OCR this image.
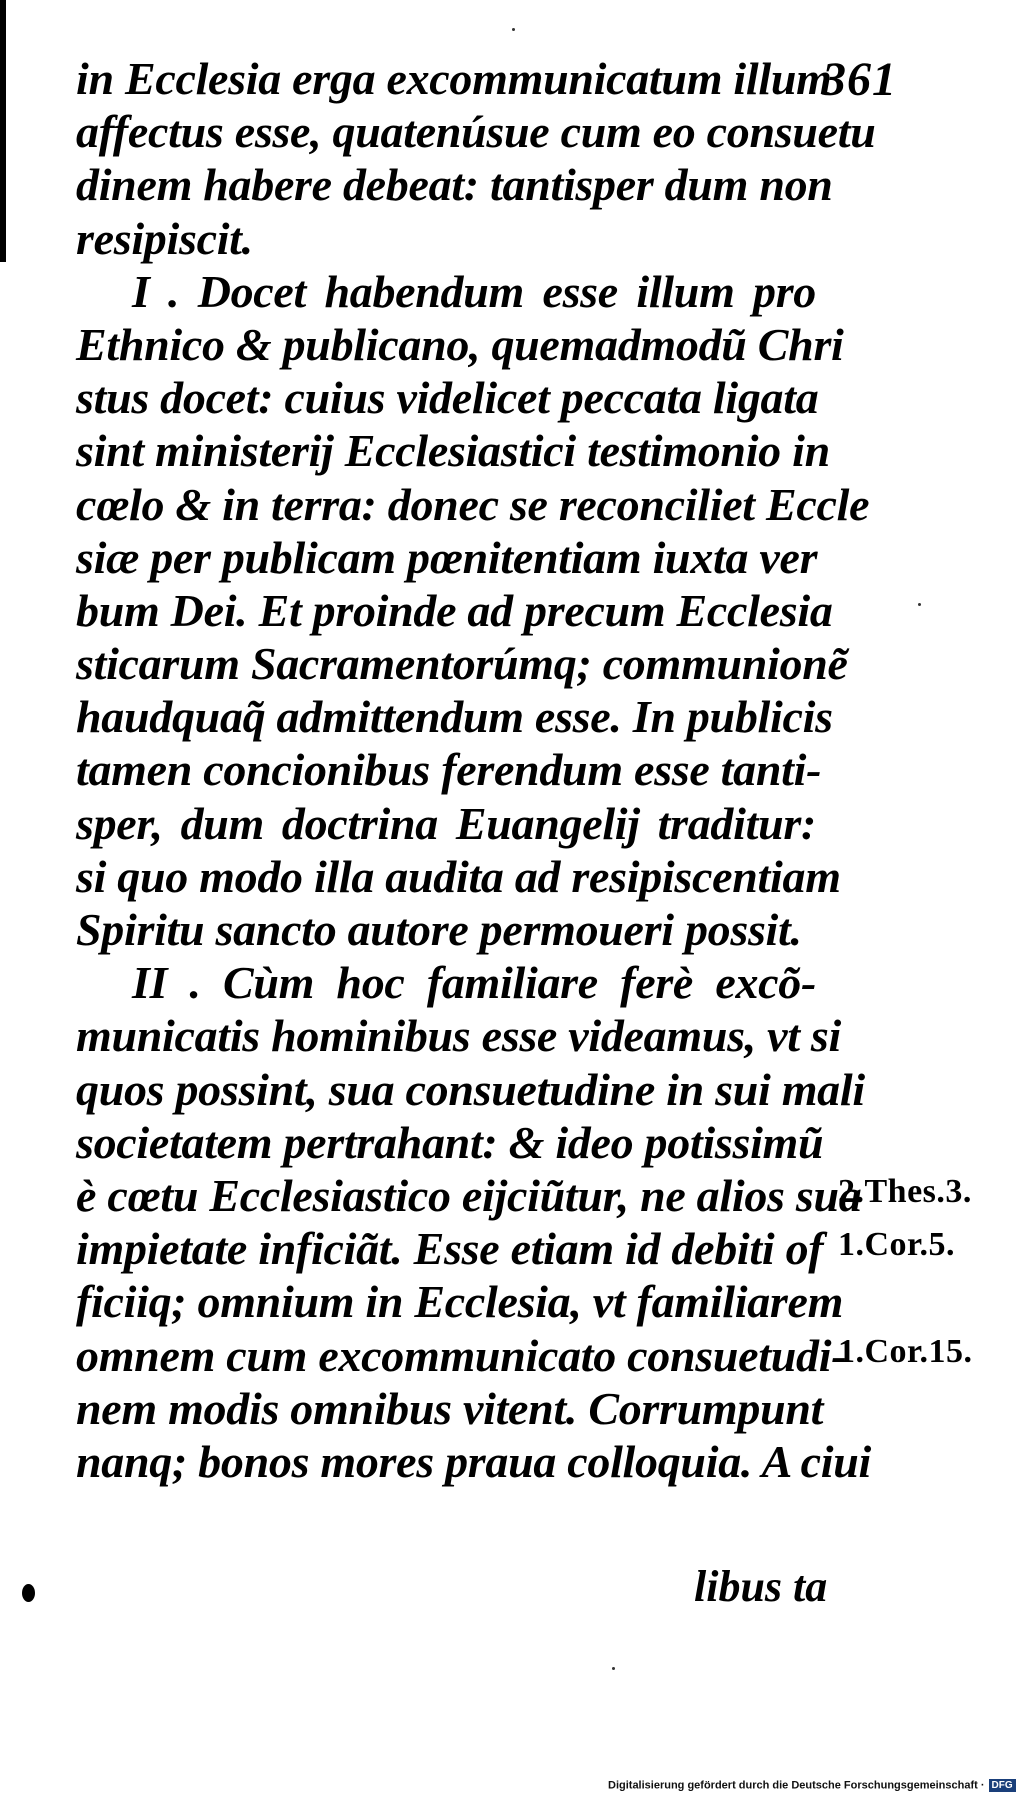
361
in Ecclesia erga excommunicatum illum
affectus esse, quatenúsue cum eo consuetu
dinem habere debeat: tantisper dum non
resipiscit.
I . Docet habendum esse illum pro
Ethnico & publicano, quemadmodũ Chri
stus docet: cuius videlicet peccata ligata
sint ministerij Ecclesiastici testimonio in
cœlo & in terra: donec se reconciliet Eccle
siæ per publicam pœnitentiam iuxta ver
bum Dei. Et proinde ad precum Ecclesia
sticarum Sacramentorúmq; communionẽ
haudquaq̃ admittendum esse. In publicis
tamen concionibus ferendum esse tanti-
sper, dum doctrina Euangelij traditur:
si quo modo illa audita ad resipiscentiam
Spiritu sancto autore permoueri possit.
II . Cùm hoc familiare ferè excõ-
municatis hominibus esse videamus, vt si
quos possint, sua consuetudine in sui mali
societatem pertrahant: & ideo potissimũ
è cœtu Ecclesiastico eijciũtur, ne alios sua
impietate inficiãt. Esse etiam id debiti of
ficiiq; omnium in Ecclesia, vt familiarem
omnem cum excommunicato consuetudi-
nem modis omnibus vitent. Corrumpunt
nanq; bonos mores praua colloquia. A ciui
2.Thes.3.
1.Cor.5.
1.Cor.15.
libus ta
Digitalisierung gefördert durch die Deutsche Forschungsgemeinschaft · DFG
